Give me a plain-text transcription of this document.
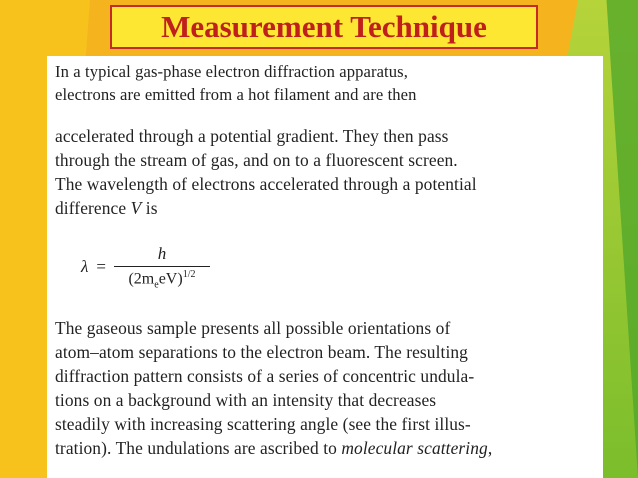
Measurement Technique
In a typical gas-phase electron diffraction apparatus,
electrons are emitted from a hot filament and are then
accelerated through a potential gradient. They then pass
through the stream of gas, and on to a fluorescent screen.
The wavelength of electrons accelerated through a potential
difference V is
$\lambda = \frac{h}{(2m_eeV)^{1/2}}$
The gaseous sample presents all possible orientations of
atom–atom separations to the electron beam. The resulting
diffraction pattern consists of a series of concentric undula-
tions on a background with an intensity that decreases
steadily with increasing scattering angle (see the first illus-
tration). The undulations are ascribed to molecular scattering,
